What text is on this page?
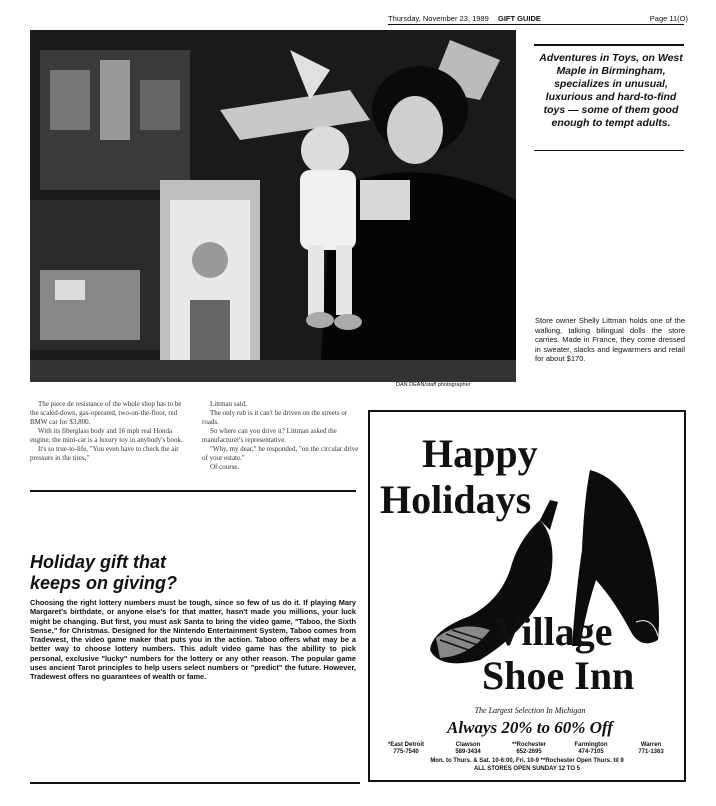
Thursday, November 23, 1989 GIFT GUIDE	Page 11(O)
DAN DEAN/staff photographer
Adventures in Toys, on West Maple in Birmingham, specializes in unusual, luxurious and hard-to-find toys — some of them good enough to tempt adults.
Store owner Shelly Littman holds one of the walking, talking bilingual dolls the store carries. Made in France, they come dressed in sweater, slacks and legwarmers and retail for about $170.

The piece de resistance of the whole shop has to be the scaled-down, gas-operated, two-on-the-floor, red BMW car for $3,800.

With its fiberglass body and 16 mph real Honda engine, the mini-car is a luxury toy in anybody's book.

It's so true-to-life, "You even have to check the air pressure in the tires,"

Littman said.

The only rub is it can't be driven on the streets or roads.

So where can you drive it? Littman asked the manufacturer's representative.

"Why, my dear," he responded, "on the circular drive of your estate."

Of course.

Holiday gift that
keeps on giving?
Choosing the right lottery numbers must be tough, since so few of us do it. If playing Mary Margaret's birthdate, or anyone else's for that matter, hasn't made you millions, your luck might be changing. But first, you must ask Santa to bring the video game, "Taboo, the Sixth Sense," for Christmas. Designed for the Nintendo Entertainment System, Taboo comes from Tradewest, the video game maker that puts you in the action. Taboo offers what may be a better way to choose lottery numbers. This adult video game has the abillity to pick personal, exclusive "lucky" numbers for the lottery or any other reason. The popular game uses ancient Tarot principles to help users select numbers or "predict" the future. However, Tradewest offers no guarantees of wealth or fame.
Happy
Holidays
Village
Shoe Inn
The Largest Selection In Michigan
Always 20% to 60% Off
*East Detroit
775-7540
Clawson
589-3434
**Rochester
652-2695
Farmington
474-7105
Warren
771-1363
Mon. to Thurs. & Sat. 10-6:00, Fri. 10-9 **Rochester Open Thurs. til 9
ALL STORES OPEN SUNDAY 12 TO 5
